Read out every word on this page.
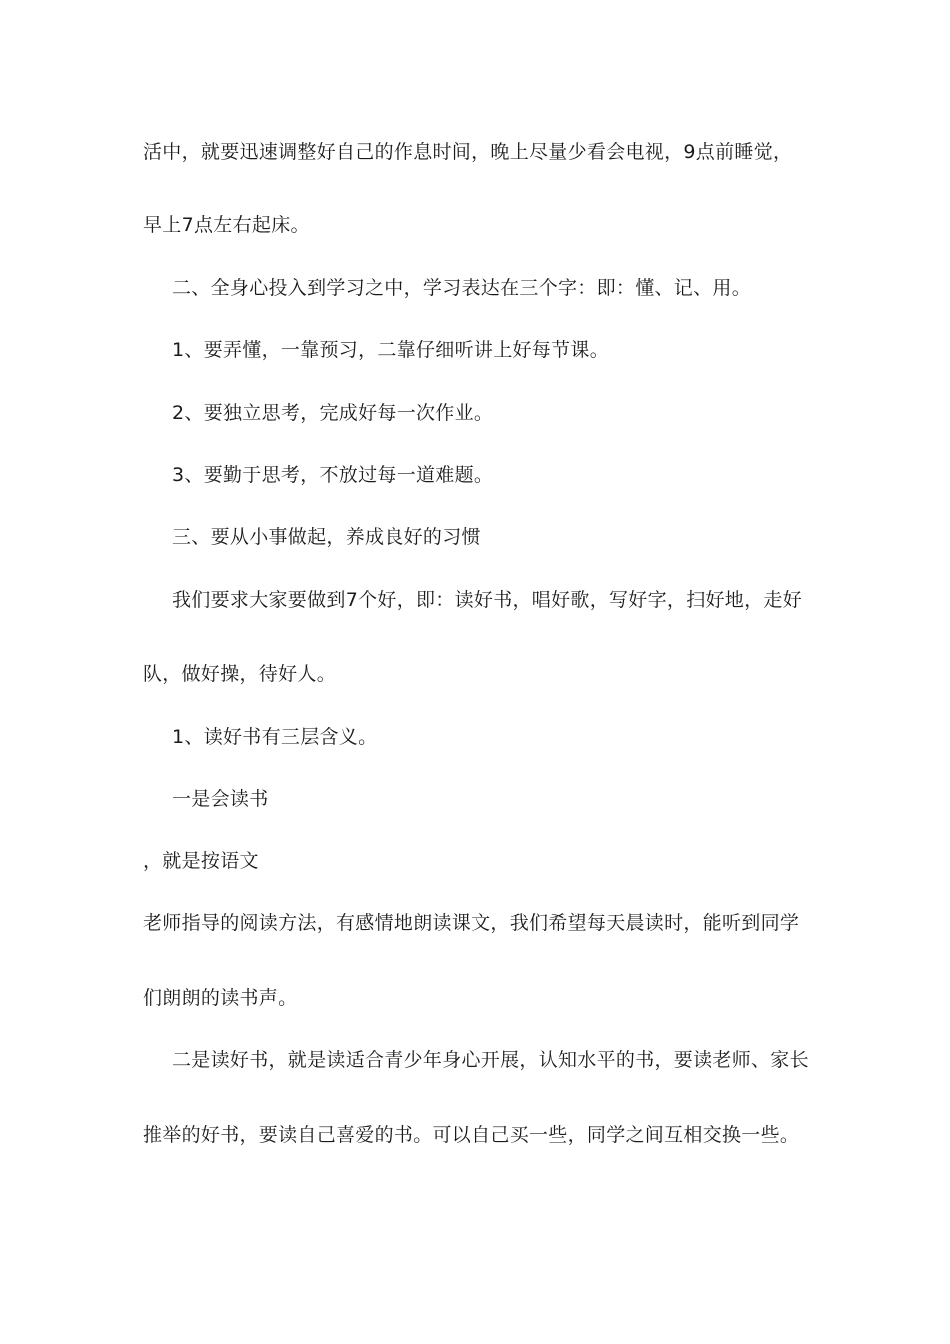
活中，就要迅速调整好自己的作息时间，晚上尽量少看会电视，9点前睡觉，
早上7点左右起床。
二、全身心投入到学习之中，学习表达在三个字：即：懂、记、用。
1、要弄懂，一靠预习，二靠仔细听讲上好每节课。
2、要独立思考，完成好每一次作业。
3、要勤于思考，不放过每一道难题。
三、要从小事做起，养成良好的习惯
我们要求大家要做到7个好，即：读好书，唱好歌，写好字，扫好地，走好
队，做好操，待好人。
1、读好书有三层含义。
一是会读书
，就是按语文
老师指导的阅读方法，有感情地朗读课文，我们希望每天晨读时，能听到同学
们朗朗的读书声。
二是读好书，就是读适合青少年身心开展，认知水平的书，要读老师、家长
推举的好书，要读自己喜爱的书。可以自己买一些，同学之间互相交换一些。
